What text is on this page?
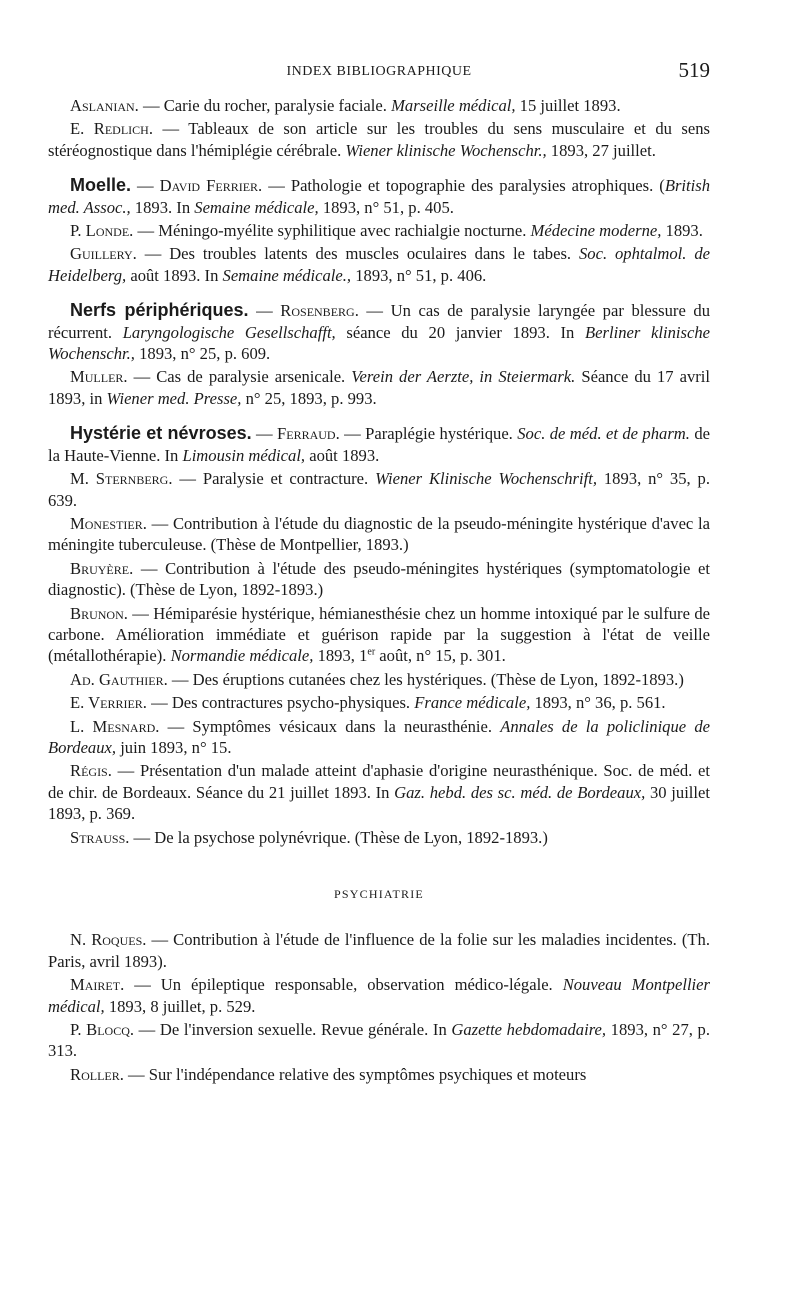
INDEX BIBLIOGRAPHIQUE	519

Aslanian. — Carie du rocher, paralysie faciale. Marseille médical, 15 juillet 1893.

E. Redlich. — Tableaux de son article sur les troubles du sens musculaire et du sens stéréognostique dans l'hémiplégie cérébrale. Wiener klinische Wochenschr., 1893, 27 juillet.

Moelle. — David Ferrier. — Pathologie et topographie des paralysies atrophiques. (British med. Assoc., 1893. In Semaine médicale, 1893, n° 51, p. 405.

P. Londe. — Méningo-myélite syphilitique avec rachialgie nocturne. Médecine moderne, 1893.

Guillery. — Des troubles latents des muscles oculaires dans le tabes. Soc. ophtalmol. de Heidelberg, août 1893. In Semaine médicale., 1893, n° 51, p. 406.

Nerfs périphériques. — Rosenberg. — Un cas de paralysie laryngée par blessure du récurrent. Laryngologische Gesellschafft, séance du 20 janvier 1893. In Berliner klinische Wochenschr., 1893, n° 25, p. 609.

Muller. — Cas de paralysie arsenicale. Verein der Aerzte, in Steiermark. Séance du 17 avril 1893, in Wiener med. Presse, n° 25, 1893, p. 993.

Hystérie et névroses. — Ferraud. — Paraplégie hystérique. Soc. de méd. et de pharm. de la Haute-Vienne. In Limousin médical, août 1893.

M. Sternberg. — Paralysie et contracture. Wiener Klinische Wochenschrift, 1893, n° 35, p. 639.

Monestier. — Contribution à l'étude du diagnostic de la pseudo-méningite hystérique d'avec la méningite tuberculeuse. (Thèse de Montpellier, 1893.)

Bruyère. — Contribution à l'étude des pseudo-méningites hystériques (symptomatologie et diagnostic). (Thèse de Lyon, 1892-1893.)

Brunon. — Hémiparésie hystérique, hémianesthésie chez un homme intoxiqué par le sulfure de carbone. Amélioration immédiate et guérison rapide par la suggestion à l'état de veille (métallothérapie). Normandie médicale, 1893, 1er août, n° 15, p. 301.

Ad. Gauthier. — Des éruptions cutanées chez les hystériques. (Thèse de Lyon, 1892-1893.)

E. Verrier. — Des contractures psycho-physiques. France médicale, 1893, n° 36, p. 561.

L. Mesnard. — Symptômes vésicaux dans la neurasthénie. Annales de la policlinique de Bordeaux, juin 1893, n° 15.

Régis. — Présentation d'un malade atteint d'aphasie d'origine neurasthénique. Soc. de méd. et de chir. de Bordeaux. Séance du 21 juillet 1893. In Gaz. hebd. des sc. méd. de Bordeaux, 30 juillet 1893, p. 369.

Strauss. — De la psychose polynévrique. (Thèse de Lyon, 1892-1893.)

PSYCHIATRIE

N. Roques. — Contribution à l'étude de l'influence de la folie sur les maladies incidentes. (Th. Paris, avril 1893).

Mairet. — Un épileptique responsable, observation médico-légale. Nouveau Montpellier médical, 1893, 8 juillet, p. 529.

P. Blocq. — De l'inversion sexuelle. Revue générale. In Gazette hebdomadaire, 1893, n° 27, p. 313.

Roller. — Sur l'indépendance relative des symptômes psychiques et moteurs
